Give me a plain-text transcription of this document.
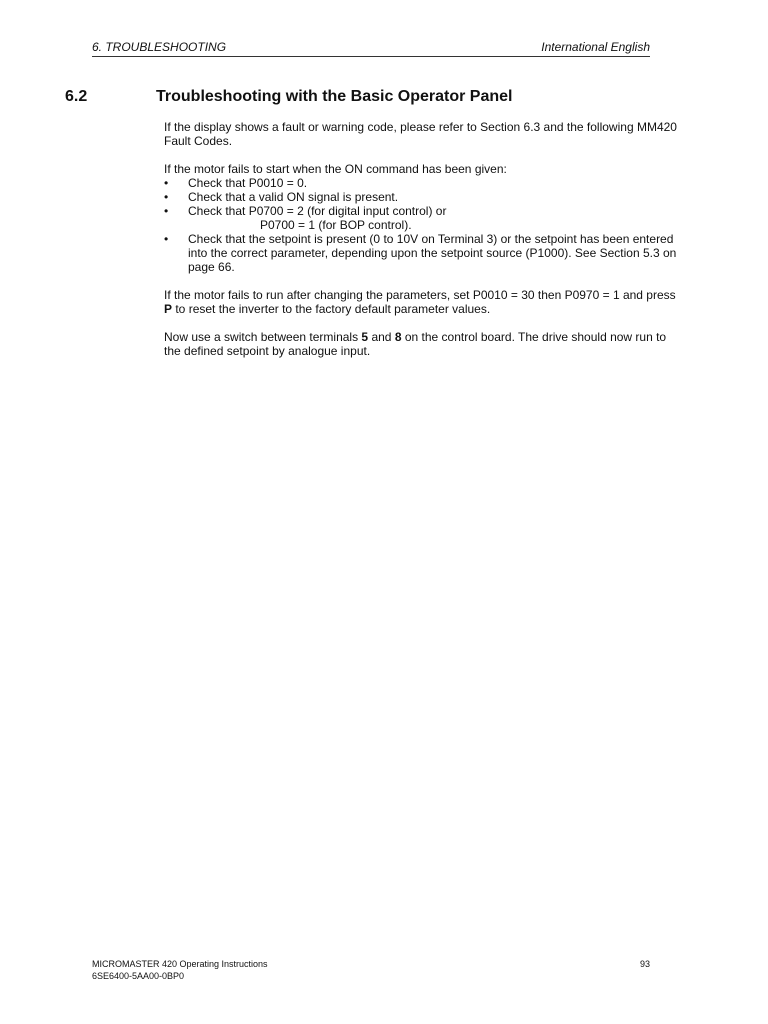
6. TROUBLESHOOTING	International English
6.2	Troubleshooting with the Basic Operator Panel

If the display shows a fault or warning code, please refer to Section 6.3 and the following MM420 Fault Codes.

If the motor fails to start when the ON command has been given:

•	Check that P0010 = 0.
•	Check that a valid ON signal is present.
•	Check that P0700 = 2 (for digital input control) or
P0700 = 1 (for BOP control).
•	Check that the setpoint is present (0 to 10V on Terminal 3) or the setpoint has been entered into the correct parameter, depending upon the setpoint source (P1000). See Section 5.3 on page 66.

If the motor fails to run after changing the parameters, set P0010 = 30 then P0970 = 1 and press P to reset the inverter to the factory default parameter values.

Now use a switch between terminals 5 and 8 on the control board. The drive should now run to the defined setpoint by analogue input.

MICROMASTER 420 Operating Instructions
6SE6400-5AA00-0BP0
93
